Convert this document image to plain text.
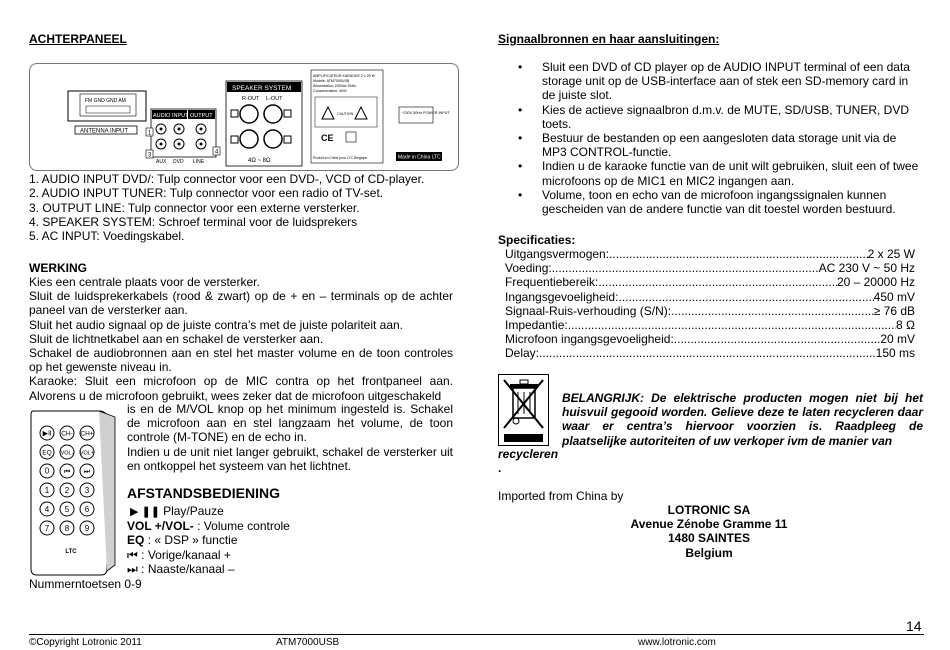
ACHTERPANEEL
FM GND GND AM
ANTENNA INPUT
AUDIO INPUT OUTPUT
AUX DVD LINE
SPEAKER SYSTEM
R-OUT L-OUT
4Ω ~ 8Ω
AMPLIFICATEUR KARAOKE 2 x 25 W
Modèle: ATM7000USB
Alimentation: 230Vac 50Hz
Consommation: 40W
CAUTION
CE
Produit en Chine pour LTC Belgique
~230V 50Hz POWER INPUT
Made in China LTC
1
3	4
1. AUDIO INPUT DVD/: Tulp connector voor een DVD-, VCD of CD-player.
2. AUDIO INPUT TUNER: Tulp connector voor een radio of TV-set.
3. OUTPUT LINE: Tulp connector voor een externe versterker.
4. SPEAKER SYSTEM: Schroef terminal voor de luidsprekers
5. AC INPUT: Voedingskabel.
WERKING
Kies een centrale plaats voor de versterker.
Sluit de luidsprekerkabels (rood & zwart) op de + en – terminals op de achter paneel van de versterker aan.
Sluit het audio signaal op de juiste contra’s met de juiste polariteit aan.
Sluit de lichtnetkabel aan en schakel de versterker aan.
Schakel de audiobronnen aan en stel het master volume en de toon controles op het gewenste niveau in.
Karaoke: Sluit een microfoon op de MIC contra op het frontpaneel aan. Alvorens u de microfoon gebruikt, wees zeker dat de microfoon uitgeschakeld
is en de M/VOL knop op het minimum ingesteld is. Schakel de microfoon aan en stel langzaam het volume, de toon controle (M-TONE) en de echo in.
Indien u de unit niet langer gebruikt, schakel de versterker uit en ontkoppel het systeem van het lichtnet.
▶Ⅱ CH- CH+
EQ VOL- VOL+
0 ⏮ ⏭
1 2 3
4 5 6
7 8 9
LTC
AFSTANDSBEDIENING
▶ ❚❚ Play/Pauze
VOL +/VOL- : Volume controle
EQ : « DSP » functie
⏮ : Vorige/kanaal +
⏭ : Naaste/kanaal –
Nummerntoetsen 0-9
Signaalbronnen en haar aansluitingen:
• Sluit een DVD of CD player op de AUDIO INPUT terminal of een data storage unit op de USB-interface aan of stek een SD-memory card in de juiste slot.
• Kies de actieve signaalbron d.m.v. de MUTE, SD/USB, TUNER, DVD toets.
• Bestuur de bestanden op een aangesloten data storage unit via de MP3 CONTROL-functie.
• Indien u de karaoke functie van de unit wilt gebruiken, sluit een of twee microfoons op de MIC1 en MIC2 ingangen aan.
• Volume, toon en echo van de microfoon ingangssignalen kunnen gescheiden van de andere functie van dit toestel worden bestuurd.
Specificaties:
Uitgangsvermogen: .....	2 x 25 W
Voeding: .....	AC 230 V ~ 50 Hz
Frequentiebereik: .....	20 – 20000 Hz
Ingangsgevoeligheid: .....	450 mV
Signaal-Ruis-verhouding (S/N): .....	≥ 76 dB
Impedantie: .....	8 Ω
Microfoon ingangsgevoeligheid: .....	20 mV
Delay: .....	150 ms
BELANGRIJK: De elektrische producten mogen niet bij het huisvuil gegooid worden. Gelieve deze te laten recycleren daar waar er centra’s hiervoor voorzien is. Raadpleeg de plaatselijke autoriteiten of uw verkoper ivm de manier van
recycleren
.
Imported from China by
LOTRONIC SA
Avenue Zénobe Gramme 11
1480 SAINTES
Belgium
14
©Copyright Lotronic 2011	ATM7000USB	www.lotronic.com
